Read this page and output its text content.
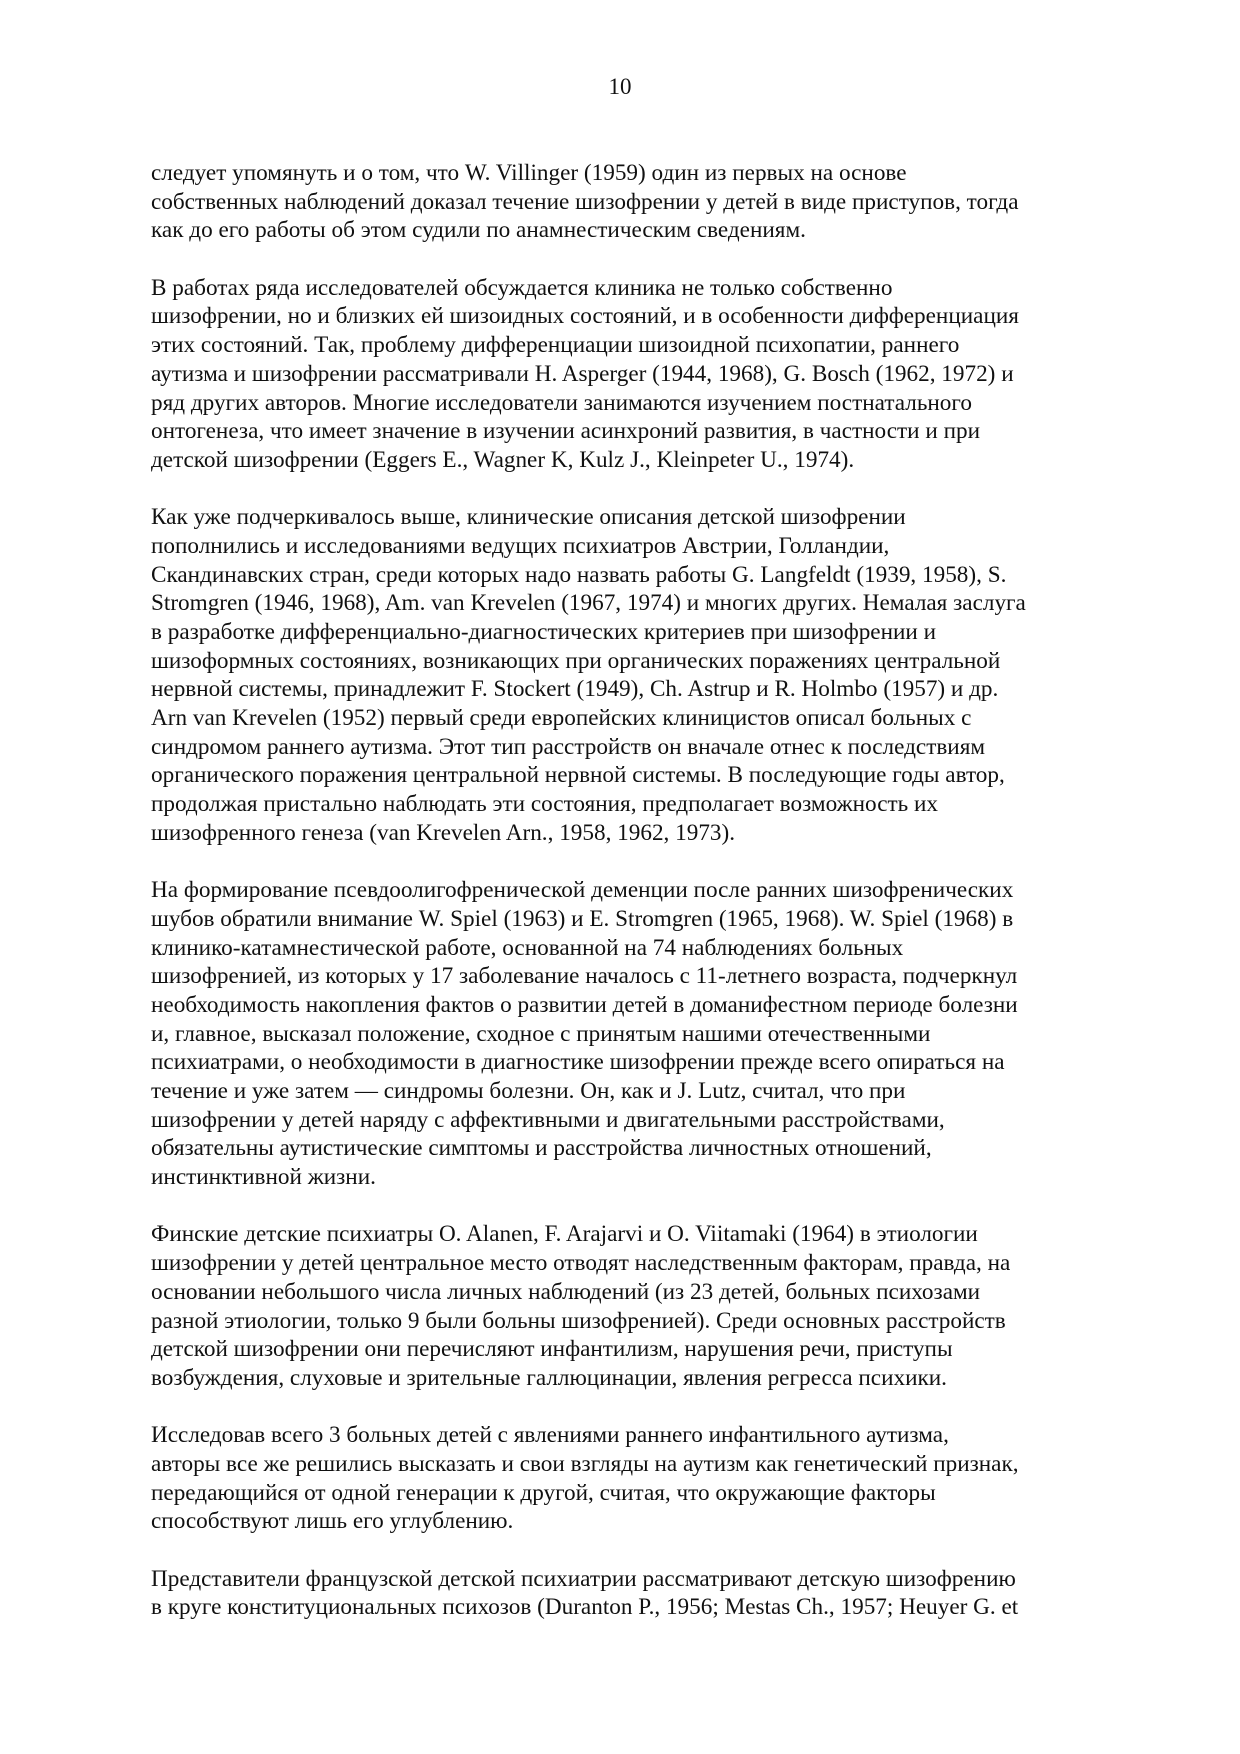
10

следует упомянуть и о том, что W. Villinger (1959) один из первых на основе

собственных наблюдений доказал течение шизофрении у детей в виде приступов, тогда

как до его работы об этом судили по анамнестическим сведениям.

В работах ряда исследователей обсуждается клиника не только собственно

шизофрении, но и близких ей шизоидных состояний, и в особенности дифференциация

этих состояний. Так, проблему дифференциации шизоидной психопатии, раннего

аутизма и шизофрении рассматривали H. Asperger (1944, 1968), G. Bosch (1962, 1972) и

ряд других авторов. Многие исследователи занимаются изучением постнатального

онтогенеза, что имеет значение в изучении асинхроний развития, в частности и при

детской шизофрении (Eggers E., Wagner K, Kulz J., Kleinpeter U., 1974).

Как уже подчеркивалось выше, клинические описания детской шизофрении

пополнились и исследованиями ведущих психиатров Австрии, Голландии,

Скандинавских стран, среди которых надо назвать работы G. Langfeldt (1939, 1958), S.

Stromgren (1946, 1968), Am. van Krevelen (1967, 1974) и многих других. Немалая заслуга

в разработке дифференциально-диагностических критериев при шизофрении и

шизоформных состояниях, возникающих при органических поражениях центральной

нервной системы, принадлежит F. Stockert (1949), Ch. Astrup и R. Holmbo (1957) и др.

Arn van Krevelen (1952) первый среди европейских клиницистов описал больных с

синдромом раннего аутизма. Этот тип расстройств он вначале отнес к последствиям

органического поражения центральной нервной системы. В последующие годы автор,

продолжая пристально наблюдать эти состояния, предполагает возможность их

шизофренного генеза (van Krevelen Arn., 1958, 1962, 1973).

На формирование псевдоолигофренической деменции после ранних шизофренических

шубов обратили внимание W. Spiel (1963) и E. Stromgren (1965, 1968). W. Spiel (1968) в

клинико-катамнестической работе, основанной на 74 наблюдениях больных

шизофренией, из которых у 17 заболевание началось с 11-летнего возраста, подчеркнул

необходимость накопления фактов о развитии детей в доманифестном периоде болезни

и, главное, высказал положение, сходное с принятым нашими отечественными

психиатрами, о необходимости в диагностике шизофрении прежде всего опираться на

течение и уже затем — синдромы болезни. Он, как и J. Lutz, считал, что при

шизофрении у детей наряду с аффективными и двигательными расстройствами,

обязательны аутистические симптомы и расстройства личностных отношений,

инстинктивной жизни.

Финские детские психиатры O. Alanen, F. Arajarvi и O. Viitamaki (1964) в этиологии

шизофрении у детей центральное место отводят наследственным факторам, правда, на

основании небольшого числа личных наблюдений (из 23 детей, больных психозами

разной этиологии, только 9 были больны шизофренией). Среди основных расстройств

детской шизофрении они перечисляют инфантилизм, нарушения речи, приступы

возбуждения, слуховые и зрительные галлюцинации, явления регресса психики.

Исследовав всего 3 больных детей с явлениями раннего инфантильного аутизма,

авторы все же решились высказать и свои взгляды на аутизм как генетический признак,

передающийся от одной генерации к другой, считая, что окружающие факторы

способствуют лишь его углублению.

Представители французской детской психиатрии рассматривают детскую шизофрению

в круге конституциональных психозов (Duranton P., 1956; Mestas Ch., 1957; Heuyer G. et
